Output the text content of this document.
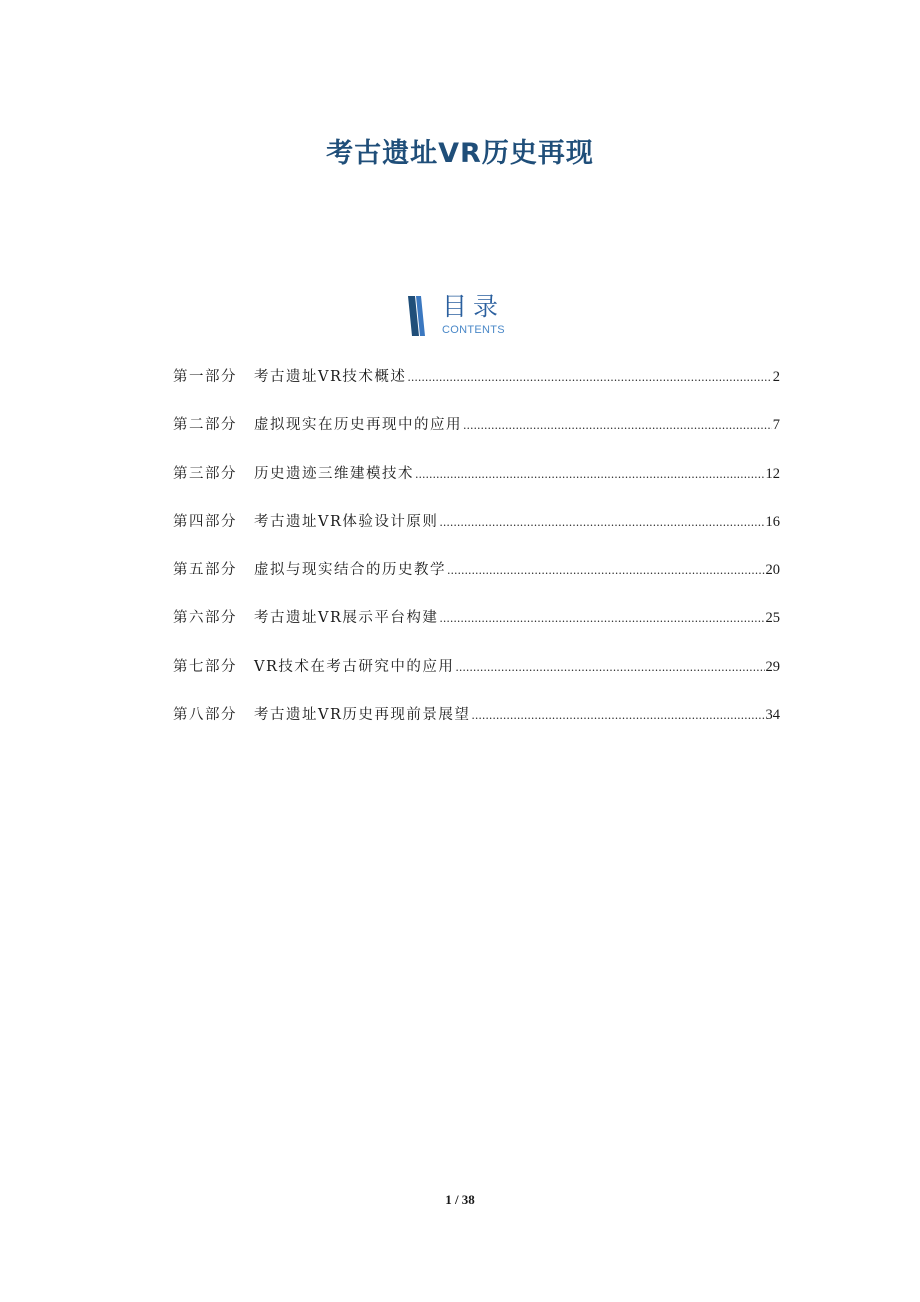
考古遗址VR历史再现
目录
CONTENTS
第一部分	考古遗址VR技术概述 .....	2
第二部分	虚拟现实在历史再现中的应用 .....	7
第三部分	历史遗迹三维建模技术 .....	12
第四部分	考古遗址VR体验设计原则 .....	16
第五部分	虚拟与现实结合的历史教学 .....	20
第六部分	考古遗址VR展示平台构建 .....	25
第七部分	VR技术在考古研究中的应用 .....	29
第八部分	考古遗址VR历史再现前景展望 .....	34
1 / 38
